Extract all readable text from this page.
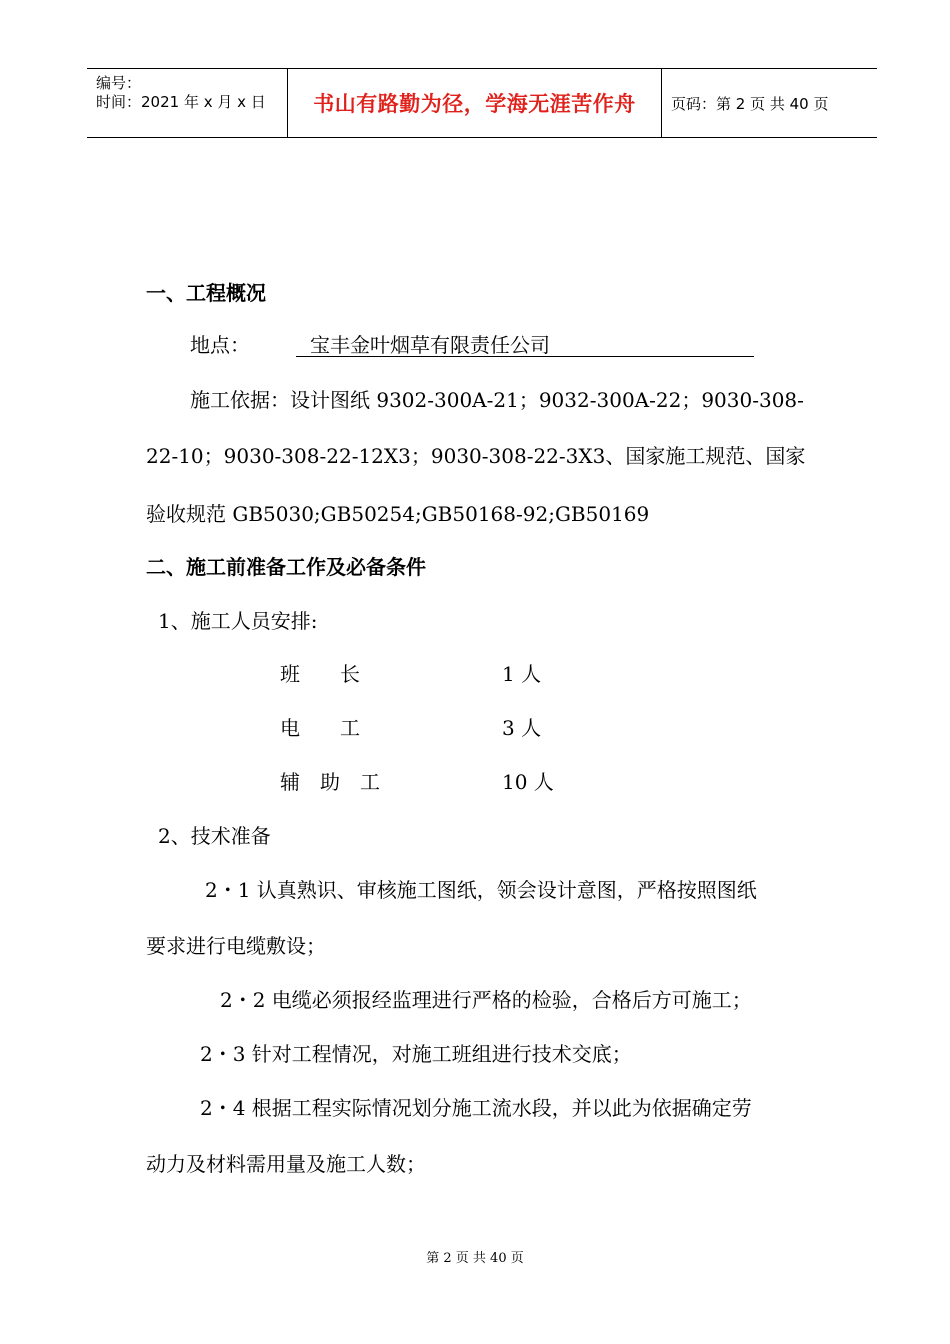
编号：
时间：2021 年 x 月 x 日	书山有路勤为径，学海无涯苦作舟	页码：第 2 页 共 40 页
一、工程概况
地点：	宝丰金叶烟草有限责任公司
施工依据：设计图纸 9302-300A-21；9032-300A-22；9030-308-
22-10；9030-308-22-12X3；9030-308-22-3X3、国家施工规范、国家
验收规范 GB5030;GB50254;GB50168-92;GB50169
二、施工前准备工作及必备条件
1、施工人员安排:
班　　长	1 人
电　　工	3 人
辅　助　工	10 人
2、技术准备
2・1 认真熟识、审核施工图纸，领会设计意图，严格按照图纸
要求进行电缆敷设；
2・2 电缆必须报经监理进行严格的检验，合格后方可施工；
2・3 针对工程情况，对施工班组进行技术交底；
2・4 根据工程实际情况划分施工流水段，并以此为依据确定劳
动力及材料需用量及施工人数；
第 2 页 共 40 页
